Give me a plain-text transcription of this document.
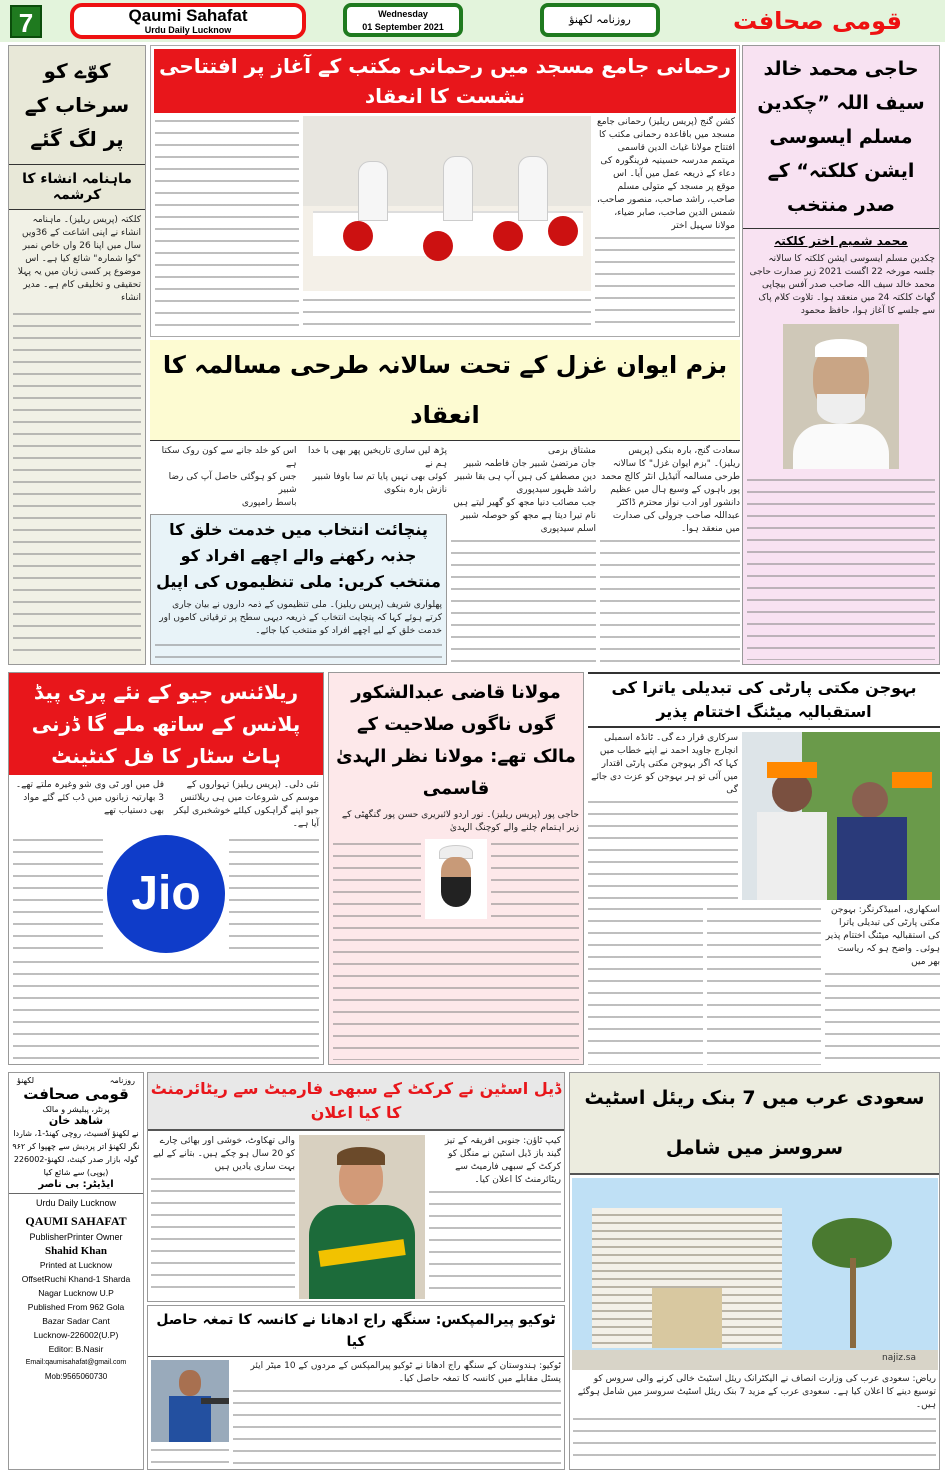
7	Qaumi Sahafat
Urdu Daily Lucknow
Wednesday
01 September 2021
روزنامہ لکھنؤ	قومی صحافت
کوّے کو سرخاب کے پر لگ گئے
ماہنامہ انشاء کا کرشمہ
کلکتہ (پریس ریلیز)۔ ماہنامہ انشاء نے اپنی اشاعت کے 36ویں سال میں اپنا 26 واں خاص نمبر "کوا شمارہ" شائع کیا ہے۔ اس موضوع پر کسی زبان میں یہ پہلا تحقیقی و تخلیقی کام ہے۔ مدیر انشاء
رحمانی جامع مسجد میں رحمانی مکتب کے آغاز پر افتتاحی نشست کا انعقاد
کشن گنج (پریس ریلیز) رحمانی جامع مسجد میں باقاعدہ رحمانی مکتب کا افتتاح مولانا غیاث الدین قاسمی مہتمم مدرسہ حسینیہ فرینگورہ کی دعاء کے ذریعہ عمل میں آیا۔ اس موقع پر مسجد کے متولی مسلم صاحب، راشد صاحب، منصور صاحب، شمس الدین صاحب، صابر ضیاء، مولانا سہیل اختر
حاجی محمد خالد سیف اللہ ”چکدین مسلم ایسوسی ایشن کلکتہ“ کے صدر منتخب
محمد شمیم اختر کلکتہ
چکدین مسلم ایسوسی ایشن کلکتہ کا سالانہ جلسہ مورخہ 22 اگست 2021 زیر صدارت حاجی محمد خالد سیف اللہ صاحب صدر آفس بیچاپی گھاٹ کلکتہ 24 میں منعقد ہوا۔ تلاوت کلام پاک سے جلسے کا آغاز ہوا، حافظ محمود
بزم ایوان غزل کے تحت سالانہ طرحی مسالمہ کا انعقاد
سعادت گنج، بارہ بنکی (پریس ریلیز)۔ "بزم ایوان غزل" کا سالانہ طرحی مسالمہ آئیڈیل انٹر کالج محمد پور باہوں کے وسیع ہال میں عظیم دانشور اور ادب نواز محترم ڈاکٹر عبداللہ صاحب جرولی کی صدارت میں منعقد ہوا۔
مشتاق بزمی
جان مرتضیٰ شبیر جان فاطمہ شبیر
دین مصطفےٰ کی ہیں آپ ہی بقا شبیر
راشد ظہور سیدپوری
جب مصائب دنیا مجھ کو گھیر لیتے ہیں
نام تیرا دیتا ہے مجھ کو حوصلہ شبیر
اسلم سیدپوری
پڑھ لیں ساری تاریخیں پھر بھی با خدا ہم نے
کوئی بھی نہیں پایا تم سا باوفا شبیر
نازش بارہ بنکوی
اس کو خلد جانے سے کون روک سکتا ہے
جس کو ہوگئی حاصل آپ کی رضا شبیر
باسط رامپوری
پنچائت انتخاب میں خدمت خلق کا جذبہ رکھنے والے اچھے افراد کو منتخب کریں: ملی تنظیموں کی اپیل
پھلواری شریف (پریس ریلیز)۔ ملی تنظیموں کے ذمہ داروں نے بیان جاری کرتے ہوئے کہا کہ پنچایت انتخاب کے ذریعہ دیہی سطح پر ترقیاتی کاموں اور خدمت خلق کے لیے اچھے افراد کو منتخب کیا جائے۔
ریلائنس جیو کے نئے پری پیڈ پلانس کے ساتھ ملے گا ڈزنی ہاٹ سٹار کا فل کنٹینٹ
نئی دلی۔ (پریس ریلیز) تہواروں کے موسم کی شروعات میں ہی ریلائنس جیو اپنے گراہکوں کیلئے خوشخبری لیکر آیا ہے۔
فل میں اور ٹی وی شو وغیرہ ملتے تھے۔ 3 بھارتیہ زبانوں میں ڈب کئے گئے مواد بھی دستیاب تھے
Jio
مولانا قاضی عبدالشکور گوں ناگوں صلاحیت کے مالک تھے: مولانا نظر الہدیٰ قاسمی
حاجی پور (پریس ریلیز)۔ نور اردو لائبریری حسن پور گنگھٹی کے زیر اہتمام چلنے والے کوچنگ الہدیٰ
بہوجن مکتی پارٹی کی تبدیلی یاترا کی استقبالیہ میٹنگ اختتام پذیر
سرکاری قرار دے گی۔ ٹانڈہ اسمبلی انچارج جاوید احمد نے اپنے خطاب میں کہا کہ اگر بہوجن مکتی پارٹی اقتدار میں آئی تو ہر بہوجن کو عزت دی جائے گی
اسکھاری، امبیڈکرنگر: بہوجن مکتی پارٹی کی تبدیلی یاترا کی استقبالیہ میٹنگ اختتام پذیر ہوئی۔ واضح ہو کہ ریاست بھر میں
روزنامہ
لکھنؤ
قومی صحافت
پرنٹر، پبلیشر و مالک
شاھد خان
نے لکھنؤ آفسیٹ، روچی کھنڈ-1، شاردا نگر لکھنؤ اتر پردیش سے چھپوا کر ۹۶۲ گولہ بازار صدر کینٹ، لکھنؤ-226002 (یوپی) سے شائع کیا
ایڈیٹر: بی ناصر
Urdu Daily Lucknow
QAUMI SAHAFAT
PublisherPrinter Owner
Shahid Khan
Printed at Lucknow
OffsetRuchi Khand-1 Sharda
Nagar Lucknow U.P
Published From 962 Gola
Bazar Sadar Cant
Lucknow-226002(U.P)
Editor: B.Nasir
Email:qaumisahafat@gmail.com
Mob:9565060730
ڈیل اسٹین نے کرکٹ کے سبھی فارمیٹ سے ریٹائرمنٹ کا کیا اعلان
کیپ ٹاؤن: جنوبی افریقہ کے تیز گیند باز ڈیل اسٹین نے منگل کو کرکٹ کے سبھی فارمیٹ سے ریٹائرمنٹ کا اعلان کیا۔
والی تھکاوٹ، خوشی اور بھائی چارے کو 20 سال ہو چکے ہیں۔ بتانے کے لیے بہت ساری یادیں ہیں
ٹوکیو پیرالمپکس: سنگھ راج ادھانا نے کانسہ کا تمغہ حاصل کیا
ٹوکیو: ہندوستان کے سنگھ راج ادھانا نے ٹوکیو پیرالمپکس کے مردوں کے 10 میٹر ایئر پسٹل مقابلے میں کانسہ کا تمغہ حاصل کیا۔
سعودی عرب میں 7 بنک ریئل اسٹیٹ سروسز میں شامل
najiz.sa
ریاض: سعودی عرب کی وزارت انصاف نے الیکٹرانک ریئل اسٹیٹ خالی کرنے والی سروس کو توسیع دینے کا اعلان کیا ہے۔ سعودی عرب کے مزید 7 بنک ریئل اسٹیٹ سروسز میں شامل ہوگئے ہیں۔
